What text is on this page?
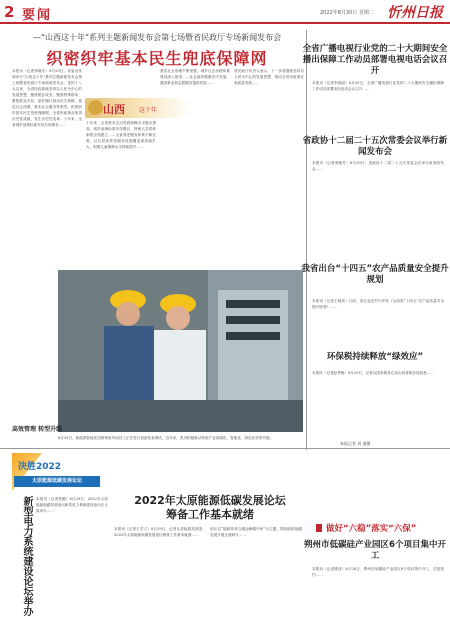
2 要闻	2022年8月30日 星期二 忻州日报
—“山西这十年”系列主题新闻发布会第七场暨省民政厅专场新闻发布会
织密织牢基本民生兜底保障网
本报讯（记者李晓宇）8月29日，省委宣传部举行“山西这十年”系列主题新闻发布会第七场暨省民政厅专场新闻发布会。党的十八大以来，全省民政系统坚持以人民为中心的发展思想，聚焦脱贫攻坚、聚焦特殊群体、聚焦群众关切，更好履行基本民生保障、基层社会治理、基本社会服务等职责，织密织牢基本民生兜底保障网，全省民政事业取得历史性成就、发生历史性变革。十年来，全省城乡低保标准年均分别增长……
山西 这十年
十年来，全省基本生活兜底保障水平稳步提高，城乡低保标准年均增长，特困人员供养制度全面建立……全省养老服务体系不断完善，社区居家养老服务设施覆盖面持续扩大，困境儿童保障水平持续提升……
基层社会治理不断加强，城乡社区治理体系建设深入推进……社会组织健康有序发展，慈善事业和志愿服务蓬勃发展……
省民政厅负责人表示，下一步将继续坚持以人民为中心的发展思想，推动全省民政事业高质量发展……
高效管理 转型升级
8月29日，新能源智能化控制系统车间员工正在进行设备检查调试。近年来，我市积极推动传统产业高端化、智能化、绿色化转型升级。
本报记者 刘 通摄
全省广播电视行业党的二十大期间安全播出保障工作动员部署电视电话会议召开
本报讯（记者李春丽）8月29日，全省广播电视行业党的二十大期间安全播出保障工作动员部署电视电话会议召开……
省政协十二届二十五次常委会议举行新闻发布会
本报讯（记者邢艳芳）8月29日，省政协十二届二十五次常委会议举行新闻发布会……
我省出台“十四五”农产品质量安全提升规划
本报讯（记者王晓英）日前，省农业农村厅印发《山西省“十四五”农产品质量安全提升规划》……
环保税持续释放“绿效应”
本报讯（记者赵秀梅）8月29日，记者从国家税务总局山西省税务局获悉……
做好“六稳”落实“六保”
朔州市低碳硅产业园区6个项目集中开工
本报讯（记者姚晋）8月26日，朔州市低碳硅产业园区6个项目集中开工，总投资约……
决胜2022
太原能源低碳发展论坛
新型电力系统建设论坛举办 本报讯（记者张璐）8月29日，2022年太原能源低碳发展论坛新型电力系统建设论坛在太原举办……
2022年太原能源低碳发展论坛
筹备工作基本就绪
本报讯（记者王学义）8月29日，记者从省能源局获悉，2022年太原能源低碳发展论坛筹备工作基本就绪……
论坛以“能源革命与碳达峰碳中和”为主题，围绕能源低碳发展开展交流研讨……
